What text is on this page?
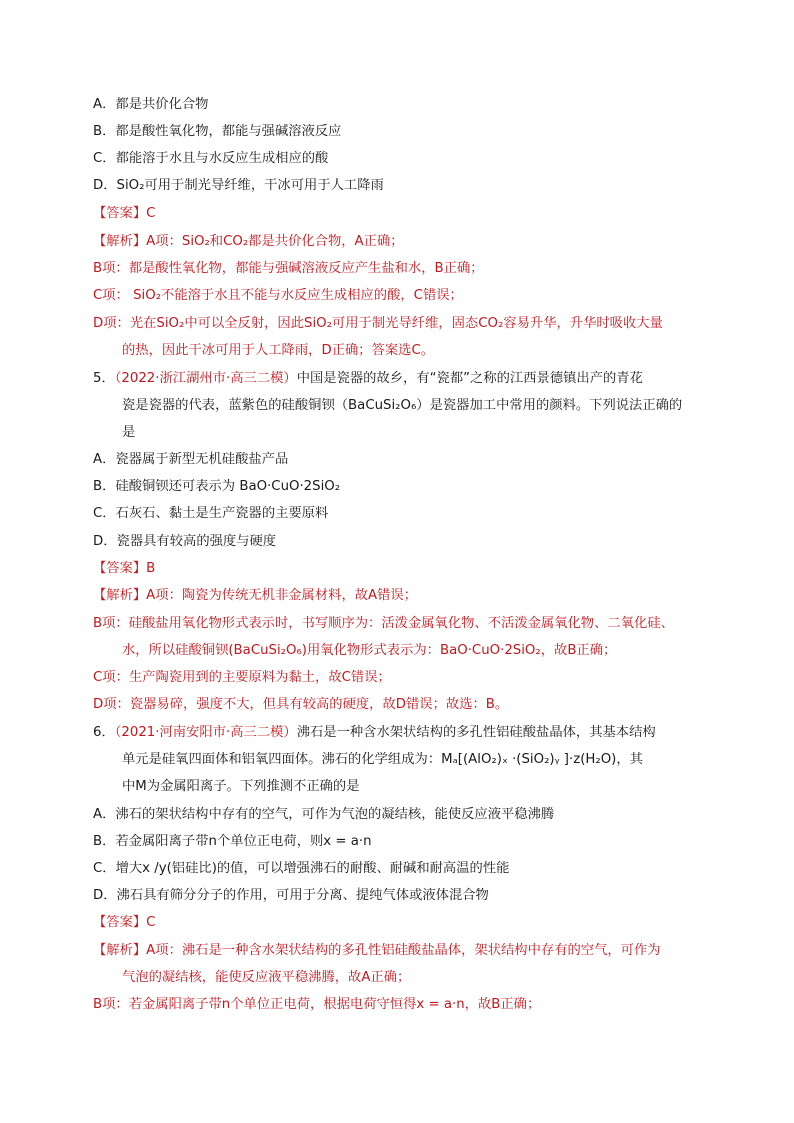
A．都是共价化合物
B．都是酸性氧化物，都能与强碱溶液反应
C．都能溶于水且与水反应生成相应的酸
D．SiO₂可用于制光导纤维，干冰可用于人工降雨
【答案】C
【解析】A项：SiO₂和CO₂都是共价化合物，A正确；
B项：都是酸性氧化物，都能与强碱溶液反应产生盐和水，B正确；
C项： SiO₂不能溶于水且不能与水反应生成相应的酸，C错误；
D项：光在SiO₂中可以全反射，因此SiO₂可用于制光导纤维，固态CO₂容易升华，升华时吸收大量
的热，因此干冰可用于人工降雨，D正确；答案选C。
5．（2022·浙江湖州市·高三二模）中国是瓷器的故乡，有“瓷都”之称的江西景德镇出产的青花
瓷是瓷器的代表，蓝紫色的硅酸铜钡（BaCuSi₂O₆）是瓷器加工中常用的颜料。下列说法正确的
是
A．瓷器属于新型无机硅酸盐产品
B．硅酸铜钡还可表示为 BaO·CuO·2SiO₂
C．石灰石、黏土是生产瓷器的主要原料
D．瓷器具有较高的强度与硬度
【答案】B
【解析】A项：陶瓷为传统无机非金属材料，故A错误；
B项：硅酸盐用氧化物形式表示时，书写顺序为：活泼金属氧化物、不活泼金属氧化物、二氧化硅、
水，所以硅酸铜钡(BaCuSi₂O₆)用氧化物形式表示为：BaO·CuO·2SiO₂，故B正确；
C项：生产陶瓷用到的主要原料为黏土，故C错误；
D项：瓷器易碎，强度不大，但具有较高的硬度，故D错误；故选：B。
6．（2021·河南安阳市·高三二模）沸石是一种含水架状结构的多孔性铝硅酸盐晶体，其基本结构
单元是硅氧四面体和铝氧四面体。沸石的化学组成为：Mₐ[(AlO₂)ₓ ·(SiO₂)ᵧ ]·z(H₂O)，其
中M为金属阳离子。下列推测不正确的是
A．沸石的架状结构中存有的空气，可作为气泡的凝结核，能使反应液平稳沸腾
B．若金属阳离子带n个单位正电荷，则x = a·n
C．增大x /y(铝硅比)的值，可以增强沸石的耐酸、耐碱和耐高温的性能
D．沸石具有筛分分子的作用，可用于分离、提纯气体或液体混合物
【答案】C
【解析】A项：沸石是一种含水架状结构的多孔性铝硅酸盐晶体，架状结构中存有的空气，可作为
气泡的凝结核，能使反应液平稳沸腾，故A正确；
B项：若金属阳离子带n个单位正电荷，根据电荷守恒得x = a·n，故B正确；
